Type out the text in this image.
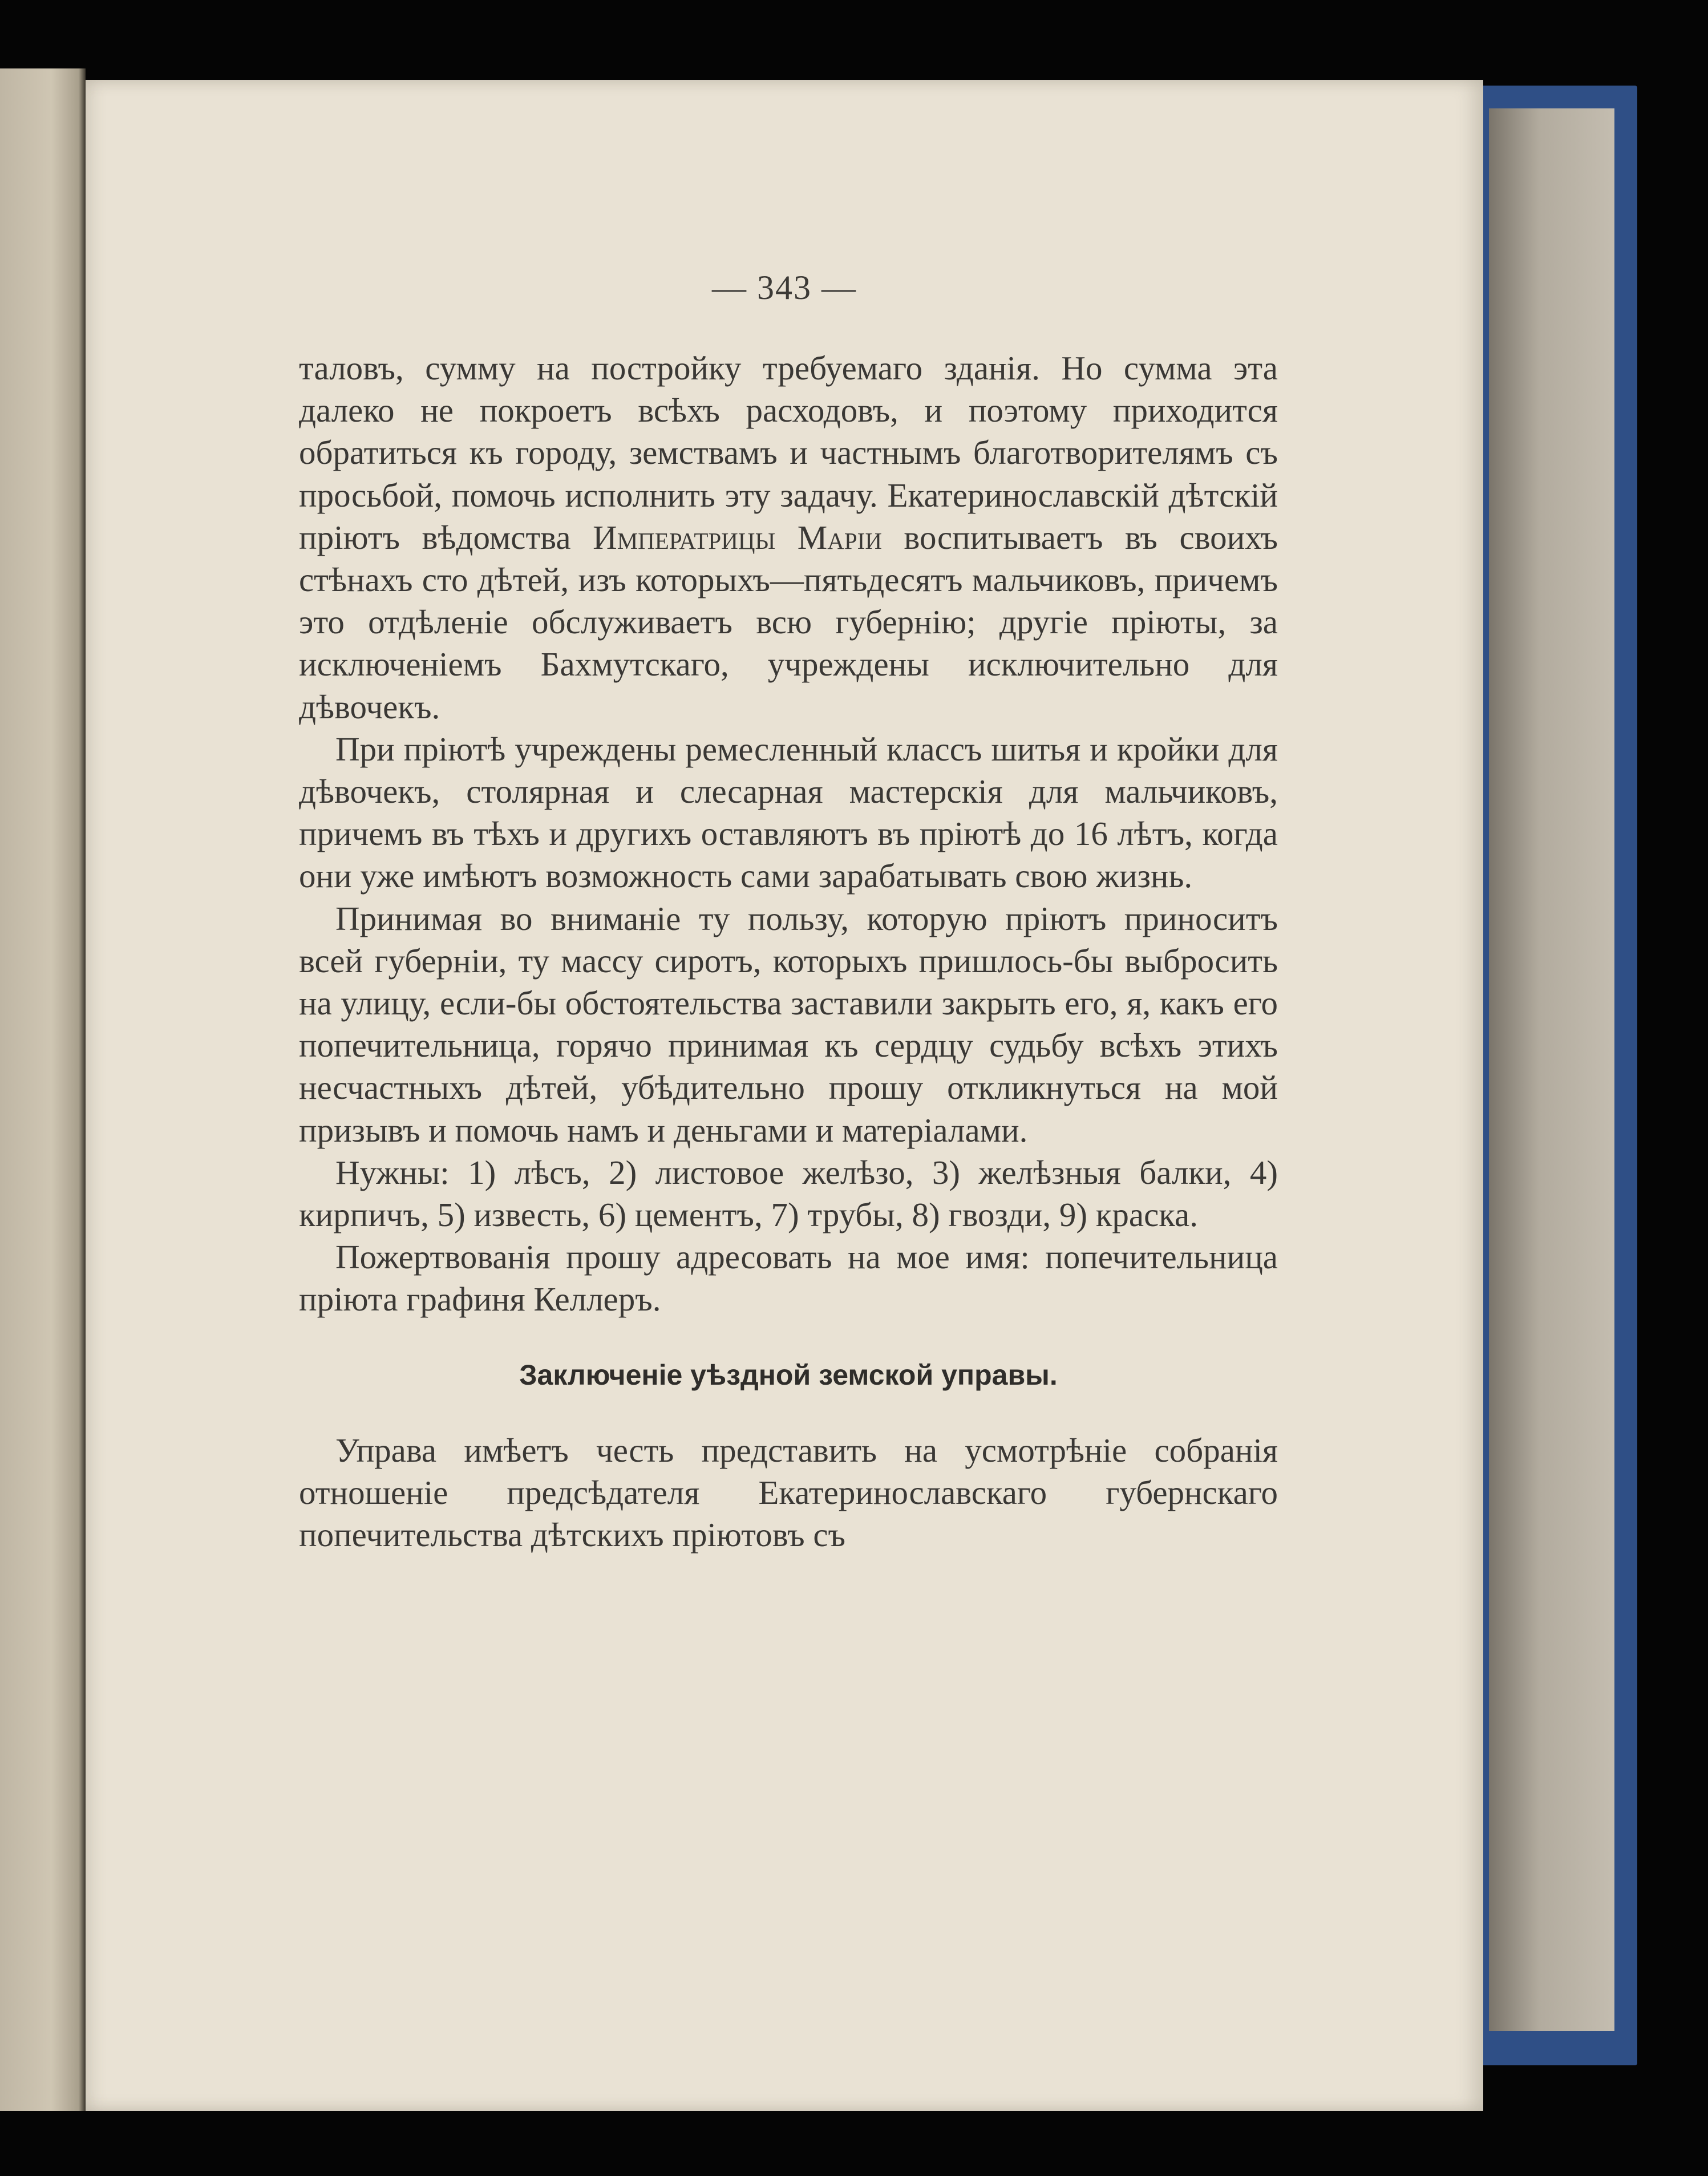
— 343 —

таловъ, сумму на постройку требуемаго зданія. Но сумма эта далеко не покроетъ всѣхъ расходовъ, и поэтому приходится обратиться къ городу, земствамъ и частнымъ благотворителямъ съ просьбой, помочь исполнить эту задачу. Екатеринославскій дѣтскій пріютъ вѣдомства Императрицы Маріи воспитываетъ въ своихъ стѣнахъ сто дѣтей, изъ которыхъ—пятьдесятъ мальчиковъ, причемъ это отдѣленіе обслуживаетъ всю губернію; другіе пріюты, за исключеніемъ Бахмутскаго, учреждены исключительно для дѣвочекъ.

При пріютѣ учреждены ремесленный классъ шитья и кройки для дѣвочекъ, столярная и слесарная мастерскія для мальчиковъ, причемъ въ тѣхъ и другихъ оставляютъ въ пріютѣ до 16 лѣтъ, когда они уже имѣютъ возможность сами зарабатывать свою жизнь.

Принимая во вниманіе ту пользу, которую пріютъ приноситъ всей губерніи, ту массу сиротъ, которыхъ пришлось-бы выбросить на улицу, если-бы обстоятельства заставили закрыть его, я, какъ его попечительница, горячо принимая къ сердцу судьбу всѣхъ этихъ несчастныхъ дѣтей, убѣдительно прошу откликнуться на мой призывъ и помочь намъ и деньгами и матеріалами.

Нужны: 1) лѣсъ, 2) листовое желѣзо, 3) желѣзныя балки, 4) кирпичъ, 5) известь, 6) цементъ, 7) трубы, 8) гвозди, 9) краска.

Пожертвованія прошу адресовать на мое имя: попечительница пріюта графиня Келлеръ.

Заключеніе уѣздной земской управы.

Управа имѣетъ честь представить на усмотрѣніе собранія отношеніе предсѣдателя Екатеринославскаго губернскаго попечительства дѣтскихъ пріютовъ съ
